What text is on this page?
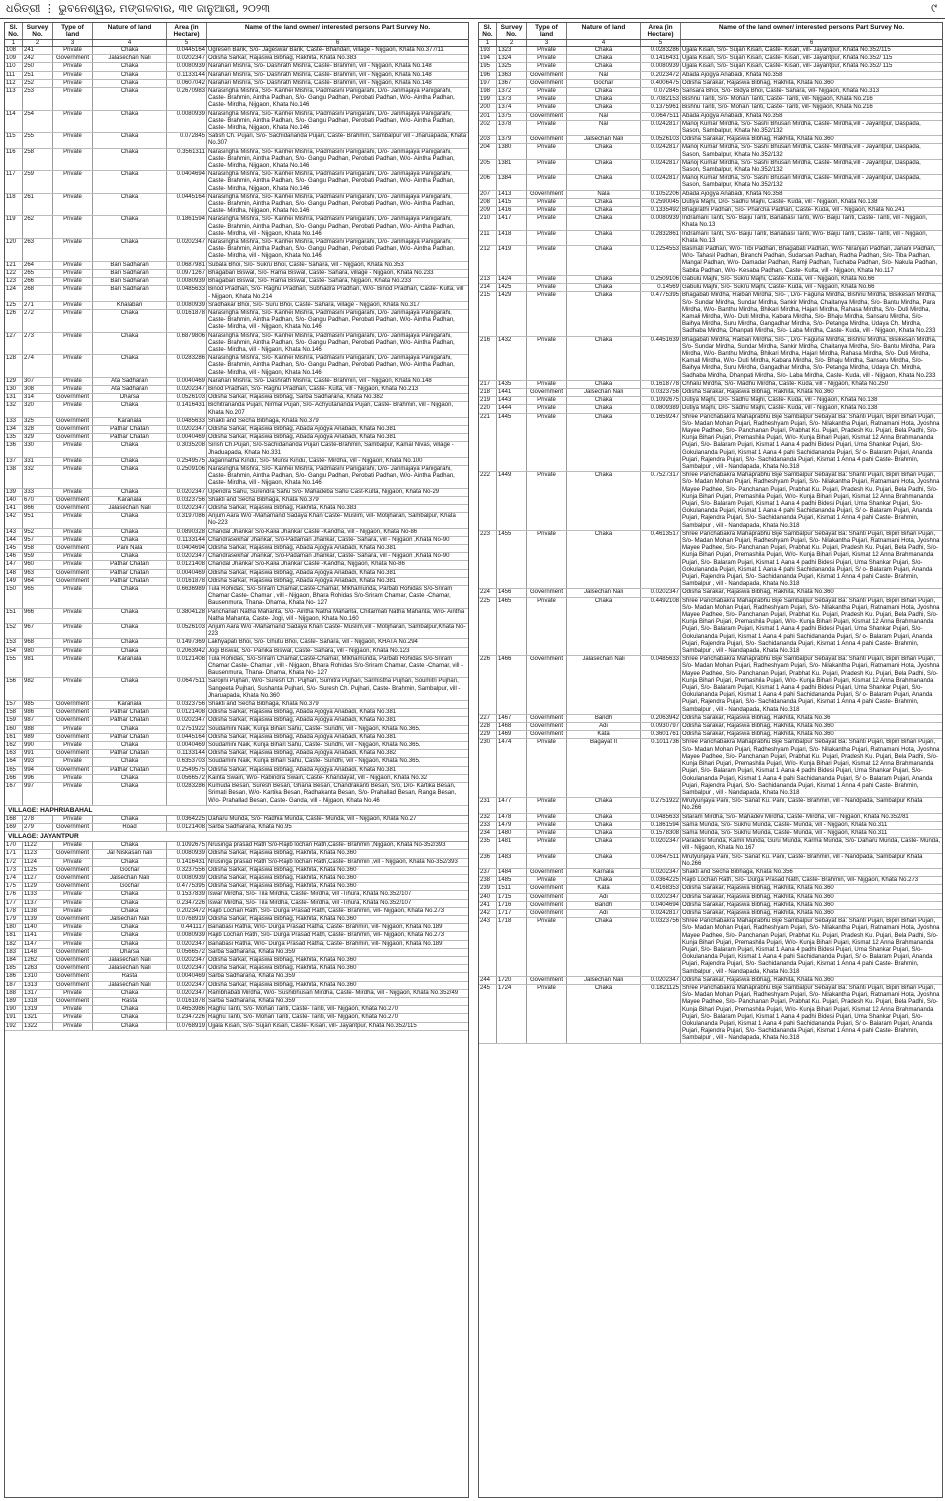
ଧରିତ୍ରୀ ⋮ ଭୁବନେଶ୍ୱର, ମଙ୍ଗଳବାର, ୩୧ ଜାନୁଆରୀ, ୨୦୨୩	୯
Sl. No.
Survey No.
Type of land
Nature of land	Area (in Hectare)
Name of the land owner/ interested persons Part Survey No.
1	2	3	4	5	6
108	241	Private	Chaka	0.0445164 Ugresen Barik, S/o- Jageswar Barik, Caste- Bhandari, village - Nijgaon, Khata No.377/11
109	242	Government	Jalasechan Nali	0.0202347 Odisha Sarkar, Rajaswa Bibhag, Rakhita, Khata No.383
110	250	Private	Chaka	0.0080939 Narahari Mishra, S/o- Dashrath Mishra, Caste- Brahmin, vill - Nijgaon, Khata No.148
111	251	Private	Chaka	0.1133144 Narahari Mishra, S/o- Dashrath Mishra, Caste- Brahmin, vill - Nijgaon, Khata No.148
112	252	Private	Chaka	0.0607042 Narahari Mishra, S/o- Dashrath Mishra, Caste- Brahmin, vill - Nijgaon, Khata No.148
113	253	Private	Chaka	0.2670983 Narasingha Mishra, S/o- Kanhei Mishra, Padmasini Panigarahi, D/o- Janmajaya Panigarahi, Caste- Brahmin, Aintha Padhan, S/o- Gangu Padhan, Perobati Padhan, W/o- Aintha Padhan, Caste- Mirdha, Nijgaon, Khata No.146
114	254	Private	Chaka	0.0080939 Narasingha Mishra, S/o- Kanhei Mishra, Padmasini Panigarahi, D/o- Janmajaya Panigarahi, Caste- Brahmin, Aintha Padhan, S/o- Gangu Padhan, Perobati Padhan, W/o- Aintha Padhan, Caste- Mirdha, Nijgaon, Khata No.146
115	255	Private	Chaka	0.072845 Satish Ch. Pujari, S/o- Sachidananda Pujari, Caste- Brahmin, Sambalpur vill - Jharuapada, Khata No.307
116	258	Private	Chaka	0.3561311 Narasingha Mishra, S/o- Kanhei Mishra, Padmasini Panigarahi, D/o- Janmajaya Panigarahi, Caste- Brahmin, Aintha Padhan, S/o- Gangu Padhan, Perobati Padhan, W/o- Aintha Padhan, Caste- Mirdha, Nijgaon, Khata No.146
117	259	Private	Chaka	0.0404694 Narasingha Mishra, S/o- Kanhei Mishra, Padmasini Panigarahi, D/o- Janmajaya Panigarahi, Caste- Brahmin, Aintha Padhan, S/o- Gangu Padhan, Perobati Padhan, W/o- Aintha Padhan, Caste- Mirdha, Nijgaon, Khata No.146
118	261	Private	Chaka	0.0445164 Narasingha Mishra, S/o- Kanhei Mishra, Padmasini Panigarahi, D/o- Janmajaya Panigarahi, Caste- Brahmin, Aintha Padhan, S/o- Gangu Padhan, Perobati Padhan, W/o- Aintha Padhan, Caste- Mirdha, Nijgaon, Khata No.146
119	262	Private	Chaka	0.1861594 Narasingha Mishra, S/o- Kanhei Mishra, Padmasini Panigarahi, D/o- Janmajaya Panigarahi, Caste- Brahmin, Aintha Padhan, S/o- Gangu Padhan, Perobati Padhan, W/o- Aintha Padhan, Caste- Mirdha, vill - Nijgaon, Khata No.146
120	263	Private	Chaka	0.0202347 Narasingha Mishra, S/o- Kanhei Mishra, Padmasini Panigarahi, D/o- Janmajaya Panigarahi, Caste- Brahmin, Aintha Padhan, S/o- Gangu Padhan, Perobati Padhan, W/o- Aintha Padhan, Caste- Mirdha, vill - Nijgaon, Khata No.146
121	264	Private	Bari Sadharan	0.0687981 Subala Bhoi, S/o- Sukru Bhoi, Caste- Sahara, vill - Nijgaon, Khata No.353
122	265	Private	Bari Sadharan	0.0971267 Bhagaban Biswal, S/o- Rama Biswal, Caste- Sahara, village - Nijgaon, Khata No.233
123	266	Private	Bari Sadharan	0.0080939 Bhagaban Biswal, S/o- Rama Biswal, Caste- Sahara, Nijgaon, Khata No.233
124	268	Private	Bari Sadharan	0.0485633 Binod Pradhan, S/o- Raghu Pradhan, Subhadra Pradhan, W/o- Binod Pradhan, Caste- Kulta, vill - Nijgaon, Khata No.214
125	271	Private	Khalabari	0.0080939 Sradhakar Bhoi, S/o- Suru Bhoi, Caste- Sahara, village - Nijgaon, Khata No.317
126	272	Private	Chaka	0.0161878 Narasingha Mishra, S/o- Kanhei Mishra, Padmasini Panigarahi, D/o- Janmajaya Panigarahi, Caste- Brahmin, Aintha Padhan, S/o- Gangu Padhan, Perobati Padhan, W/o- Aintha Padhan, Caste- Mirdha, vill - Nijgaon, Khata No.146
127	273	Private	Chaka	0.6879806 Narasingha Mishra, S/o- Kanhei Mishra, Padmasini Panigarahi, D/o- Janmajaya Panigarahi, Caste- Brahmin, Aintha Padhan, S/o- Gangu Padhan, Perobati Padhan, W/o- Aintha Padhan, Caste- Mirdha, vill - Nijgaon, Khata No.146
128	274	Private	Chaka	0.0283286 Narasingha Mishra, S/o- Kanhei Mishra, Padmasini Panigarahi, D/o- Janmajaya Panigarahi, Caste- Brahmin, Aintha Padhan, S/o- Gangu Padhan, Perobati Padhan, W/o- Aintha Padhan, Caste- Mirdha, vill - Nijgaon, Khata No.146
129	307	Private	Ata Sadharan	0.0040469 Narahari Mishra, S/o- Dashrath Mishra, Caste- Brahmin, vill - Nijgaon, Khata No.148
130	308	Private	Ata Sadharan	0.0202347 Binod Pradhan, S/o- Raghu Pradhan, Caste- Kulta, vill - Nijgaon, Khata No.213
131	314	Government	Dharsa	0.0526103 Odisha Sarkar, Rajaswa Bibhag, Sarba Sadharana, Khata No.382
132	320	Private	Chaka	0.1416431 Bichitrananda Pujari, Nirmal Pujari, S/o- Achyutananda Pujari, Caste- Brahmin, vill - Nijgaon, Khata No.207
133	325	Government	Karanala	0.0485633 Shakti and Secha Bibhaga, Khata No.379
134	328	Government	Pathar Chatan	0.0202347 Odisha Sarkar, Rajaswa Bibhag, Abada Ajogya Anabadi, Khata No.381
135	329	Government	Pathar Chatan	0.0040469 Odisha Sarkar, Rajaswa Bibhag, Abada Ajogya Anabadi, Khata No.381
136	330	Private	Chaka	0.3035208 Sirish Ch.Pujari, S/o-Sachidananda Pujari Caste-Brahmin, Sambalpur, Kamal Nivas, village - Jhaduapada, Khata No.331
137	331	Private	Chaka	0.2549575 Jagannatha Kindu, S/o- Munsi Kindu, Caste- Mirdha, vill - Nijgaon, Khata No.100
138	332	Private	Chaka	0.2509106 Narasingha Mishra, S/o- Kanhei Mishra, Padmasini Panigarahi, D/o- Janmajaya Panigarahi, Caste- Brahmin, Aintha Padhan, S/o- Gangu Padhan, Perobati Padhan, W/o- Aintha Padhan, Caste- Mirdha, vill - Nijgaon, Khata No.146
139	333	Private	Chaka	0.0202347 Upendra Sahu, Surendra Sahu S/o- Mahadeba Sahu Cast-Kulta, Nijgaon, Khata No-29
140	670	Government	Karanala	0.0323756 Shakti and Secha Bibhaga, Khata No.379
141	866	Government	Jalasechan Nali	0.0202347 Odisha Sarkar, Rajaswa Bibhag, Rakhita, Khata No.383
142	951	Private	Chaka	0.3197086 Anjum Aara W/o -Mahamand Sadaya Khan Caste- Muslim, vill- Motijharan, Sambalpur, Khata No-223
143	952	Private	Chaka	0.0890328 Chandal Jhankar S/o-Kalia Jhankar Caste -Kandha, vill - Nijgaon, Khata No-86
144	957	Private	Chaka	0.1133144 Chandrasekhar Jhankar, S/o-Padaman Jhankar, Caste- Sahara, vill - Nijgaon ,Khata No-90
145	958	Government	Pani Nala	0.0404694 Odisha Sarkar, Rajaswa Bibhag, Abada Ajogya Anabadi, Khata No.381
146	959	Private	Chaka	0.0202347 Chandrasekhar Jhankar, S/o-Padaman Jhankar, Caste- Sahara, vill - Nijgaon ,Khata No-90
147	960	Private	Pathar Chatan	0.0121408 Chandal Jhankar S/o-Kalia Jhankar Caste -Kandha, Nijgaon, Khata No-86
148	963	Government	Pathar Chatan	0.0040469 Odisha Sarkar, Rajaswa Bibhag, Abada Ajogya Anabadi, Khata No.381
149	964	Government	Pathar Chatan	0.0161878 Odisha Sarkar, Rajaswa Bibhag, Abada Ajogya Anabadi, Khata No.381
150	965	Private	Chaka	0.6636989 Tula Rohidas, S/o-Sriram Chamar,Caste-Chamar, Mlkhamunda, Parbati Rohidas S/o-Sriram Chamar Caste- Chamar , vill - Nijgaon, Bhara Rohidas S/o-Sriram Chamar, Caste -Chamar, Bausenmura, Thana- Dhama, Khata No- 127
151	966	Private	Chaka	0.3804128 Panchanan Natha Mahanta, S/o- Aintha Natha Mahanta, Chitarmati Natha Mahanta, W/o- Aintha Natha Mahanta, Caste- Jogi, vill - Nijgaon, Khata No.160
152	967	Private	Chaka	0.0526103 Anjum Aara W/o -Mahamand Sadaya Khan Caste- Muslim,vill - Motijharan, Sambalpur,Khata No-223
153	968	Private	Chaka	0.1497369 Lakhyapati Bhoi, S/o- Ghutu Bhoi, Caste- Sahara, vill - Nijgaon, KHATA No.294
154	980	Private	Chaka	0.2063942 Jogi Biswal, S/o- Panika Biswal, Caste- Sahara, vill - Nijgaon, Khata No.123
155	981	Private	Karanala	0.0121408 Tula Rohidas, S/o-Sriram Chamar,Caste-Chamar, Mlkhamunda, Parbati Rohidas S/o-Sriram Chamar Caste- Chamar , vill - Nijgaon, Bhara Rohidas S/o-Sriram Chamar, Caste -Chamar, vill - Bausenmura, Thana- Dhama, Khata No- 127
156	982	Private	Chaka	0.0647511 Sarojini Pujhari, W/o- Suresh Ch. Pujhari, Sumitra Pujhari, Sarmistha Pujhari, Soumitri Pujhari, Sangeeta Pujhari, Sushanta Pujhari, S/o- Suresh Ch. Pujhari, Caste- Brahmin, Sambalpur, vill -Jharuapada, Khata No.360
157	985	Government	Karanala	0.0323756 Shakti and Secha Bibhaga, Khata No.379
158	986	Government	Pathar Chatan	0.0121408 Odisha Sarkar, Rajaswa Bibhag, Abada Ajogya Anabadi, Khata No.381
159	987	Government	Pathar Chatan	0.0202347 Odisha Sarkar, Rajaswa Bibhag, Abada Ajogya Anabadi, Khata No.381
160	988	Private	Chaka	0.2751922 Soudamini Naik, Kunja Bihari Sahu, Caste- Sundhi, vill - Nijgaon, Khata No.365.
161	989	Government	Pathar Chatan	0.0445164 Odisha Sarkar, Rajaswa Bibhag, Abada Ajogya Anabadi, Khata No.381
162	990	Private	Chaka	0.0040469 Soudamini Naik, Kunja Bihari Sahu, Caste- Sundhi, vill - Nijgaon, Khata No.365.
163	991	Government	Pathar Chatan	0.1133144 Odisha Sarkar, Rajaswa Bibhag, Abada Ajogya Anabadi, Khata No.382
164	993	Private	Chaka	0.6353703 Soudamini Naik, Kunja Bihari Sahu, Caste- Sundhi, vill - Nijgaon, Khata No.365.
165	994	Government	Pathar Chatan	0.2549575 Odisha Sarkar, Rajaswa Bibhag, Abada Ajogya Anabadi, Khata No.381
166	996	Private	Chaka	0.0566572 Kainta Swain, W/o- Rabindra Swain, Caste- Khandayat, vill - Nijgaon, Khata No.32
167	997	Private	Chaka	0.0283286 Kumuda Besan, Suresh Besan, Ghana Besan, Chandrakanti Besan, S/o, D/o- Kartika Besan, Srimati Besan, W/o- Kartika Besan, Radhakanta Besan, S/o- Prahallad Besan, Ranga Besan, W/o- Prahallad Besan, Caste- Ganda, vill - Nijgaon, Khata No.46
VILLAGE: HAPHRIABAHAL
168	278	Private	Chaka	0.0364225 Daharu Munda, S/o- Radhia Munda, Caste- Munda, vill - Nijgaon, Khata No.27
169	279	Government	Road	0.0121408 Sarba Sadharana, Khata No.95
VILLAGE: JAYANTPUR
170	1122	Private	Chaka	0.1092675 Nrusinga prasad Rath S/o-Rajib lochan Rath,Caste- Brahmin ,Nijgaon, Khata No-352/393
171	1123	Government	Jal Niskasan nali	0.0080939 Odisha Sarkar, Rajaswa Bibhag, Rakhita, Khata No.360
172	1124	Private	Chaka	0.1416431 Nrusinga prasad Rath S/o-Rajib lochan Rath,Caste- Brahmin ,vill - Nijgaon, Khata No-352/393
173	1125	Government	Gochar	0.3237556 Odisha Sarkar, Rajaswa Bibhag, Rakhita, Khata No.360
174	1127	Government	Jalsechan Nali	0.0080939 Odisha Sarkar, Rajaswa Bibhag, Rakhita, Khata No.360
175	1129	Government	Gochar	0.4775395 Odisha Sarkar, Rajaswa Bibhag, Rakhita, Khata No.360
176	1133	Private	Chaka	0.1537839 Iswar Mirdha, S/o- Tila Mirdha, Caste- Mirdha, vill -Tihura, Khata No.352/107
177	1137	Private	Chaka	0.2347226 Iswar Mirdha, S/o- Tila Mirdha, Caste- Mirdha, vill -Tihura, Khata No.352/107
178	1138	Private	Chaka	0.2023472 Rajib Lochan Rath, S/o- Durga Prasad Rath, Caste- Brahmin, vill- Nijgaon, Khata No.273
179	1139	Government	Jalsechan Nali	0.0768919 Odisha Sarkar, Rajaswa Bibhag, Rakhita, Khata No.360
180	1140	Private	Chaka	0.441117 Banabasi Ratha, W/o- Durga Prasad Ratha, Caste- Brahmin, vill- Nijgaon, Khata No.189
181	1141	Private	Chaka	0.0080939 Rajib Lochan Rath, S/o- Durga Prasad Rath, Caste- Brahmin, vill- Nijgaon, Khata No.273
182	1147	Private	Chaka	0.0202347 Banabasi Ratha, W/o- Durga Prasad Ratha, Caste- Brahmin, vill- Nijgaon, Khata No.189
183	1148	Government	Dharsa	0.0566572 Sarba Sadharana, Khata No.359
184	1262	Government	Jalasechan Nali	0.0202347 Odisha Sarkar, Rajaswa Bibhag, Rakhita, Khata No.360
185	1263	Government	Jalasechan Nali	0.0202347 Odisha Sarkar, Rajaswa Bibhag, Rakhita, Khata No.360
186	1310	Government	Rasta	0.0040469 Sarba Sadharana, Khata No.359
187	1313	Government	Jalasechan Nali	0.0202347 Odisha Sarkar, Rajaswa Bibhag, Rakhita, Khata No.360
188	1317	Private	Chaka	0.0202347 Rambhabati Mirdha, W/o- Sushibhusan Mirdha, Caste- Mirdha, vill - Nijgaon, Khata No.352/49
189	1318	Government	Rasta	0.0161878 Sarba Sadharana, Khata No.359
190	1319	Private	Chaka	0.4653986 Raghu Tanti, S/o- Mohan Tanti, Caste- Tanti, vill- Nijgaon, Khata No.270
191	1321	Private	Chaka	0.2347226 Raghu Tanti, S/o- Mohan Tanti, Caste- Tanti, vill- Nijgaon, Khata No.270
192	1322	Private	Chaka	0.0768919 Ujjala Kisan, S/o- Sujan Kisan, Caste- Kisan, vill- Jayantpur, Khata No.352/115
Sl. No.
Survey No.
Type of land
Nature of land	Area (in Hectare)
Name of the land owner/ interested persons Part Survey No.
1	2	3	4	5	6
193	1323	Private	Chaka	0.0283286 Ujjala Kisan, S/o- Sujan Kisan, Caste- Kisan, vill- Jayantpur, Khata No.352/115
194	1324	Private	Chaka	0.1416431 Ujjala Kisan, S/o- Sujan Kisan, Caste- Kisan, vill- Jayantpur, Khata No.352/ 115
195	1325	Private	Chaka	0.0080939 Ujjala Kisan, S/o- Sujan Kisan, Caste- Kisan, vill- Jayantpur, Khata No.352/ 115
196	1363	Government	Nal	0.2023472 Abada Ajogya Anabadi, Khata No.358
197	1367	Government	Gochar	0.4006475 Odisha Sarakar, Rajaswa Bibhag, Rakhita, Khata No.360
198	1372	Private	Chaka	0.072845 Sansara Bhoi, S/o- Bidya Bhoi, Caste- Sahara, vill- Nijgaon, Khata No.313
199	1373	Private	Chaka	0.7082153 Bishnu Tanti, S/o- Mohan Tanti, Caste- Tanti, vill- Nijgaon, Khata No.216
200	1374	Private	Chaka	0.1375961 Bishnu Tanti, S/o- Mohan Tanti, Caste- Tanti, vill- Nijgaon, Khata No.216
201	1375	Government	Nal	0.0647511 Abada Ajogya Anabadi, Khata No.358
202	1378	Private	Nal	0.0242817 Manoj Kumar Mirdha, S/o- Sashi Bhusan Mirdha, Caste- Mirdha,vill - Jayantpur, Daspada, Sason, Sambalpur, Khata No.352/132
203	1379	Government	Jalsechan Nali	0.0526103 Odisha Sarakar, Rajaswa Bibhag, Rakhita, Khata No.360
204	1380	Private	Chaka	0.0242817 Manoj Kumar Mirdha, S/o- Sashi Bhusan Mirdha, Caste- Mirdha,vill - Jayantpur, Daspada, Sason, Sambalpur, Khata No.352/132
205	1381	Private	Chaka	0.0242817 Manoj Kumar Mirdha, S/o- Sashi Bhusan Mirdha, Caste- Mirdha,vill - Jayantpur, Daspada, Sason, Sambalpur, Khata No.352/132
206	1384	Private	Chaka	0.0242817 Manoj Kumar Mirdha, S/o- Sashi Bhusan Mirdha, Caste- Mirdha,vill - Jayantpur, Daspada, Sason, Sambalpur, Khata No.352/132
207	1413	Government	Nala	0.1052206 Abada Ajogya Anabadi, Khata No.358
208	1415	Private	Chaka	0.2590045 Dutiya Majhi, D/o- Sadhu Majhi, Caste- Kuda, vill - Nijgaon, Khata No.138
209	1416	Private	Chaka	0.1335492 Bhagirathi Padhan, S/o- Pharcha Padhan, Caste- Kuda, vill - Nijgaon, Khata No.241
210	1417	Private	Chaka	0.0080939 Indramani Tanti, S/o- Baiju Tanti, Banabasi Tanti, W/o- Baiju Tanti, Caste- Tanti, vill - Nijgaon, Khata No.13
211	1418	Private	Chaka	0.2832861 Indramani Tanti, S/o- Baiju Tanti, Banabasi Tanti, W/o- Baiju Tanti, Caste- Tanti, vill - Nijgaon, Khata No.13
212	1419	Private	Chaka	0.1254553 Basmati Padhan, W/o- Tibi Padhan, Bhagabati Padhan, W/o- Niranjan Padhan, Janani Padhan, W/o- Tahasil Padhan, Biranchi Padhan, Sudarsan Padhan, Radha Padhan, S/o- Tiba Padhan, Mangal Padhan, W/o- Damadar Padhan, Ramji Padhan, Tuchaba Padhan, S/o- Nakula Padhan, Sabita Padhan, W/o- Kesaba Padhan, Caste- Kulta, vill - Nijgaon, Khata No.117
213	1424	Private	Chaka	0.2509106 Gabulu Majhi, S/o- Sukru Majhi, Caste- Kuda, vill - Nijgaon, Khata No.66
214	1425	Private	Chaka	0.14569 Gabulu Majhi, S/o- Sukru Majhi, Caste- Kuda, vill - Nijgaon, Khata No.66
215	1429	Private	Chaka	0.4775395 Bhagabati Mirdha, Raibari Mirdha, S/o- , D/o- Faguna Mirdha, Bishnu Mirdha, Bisikesan Mirdha, S/o- Sundar Mirdha, Sundar Mirdha, Sankir Mirdha, Chaitanya Mirdha, S/o- Bantu Mirdha, Para Mirdha, W/o- Banthu Mirdha, Bhikari Mirdha, Hajari Mirdha, Rahasa Mirdha, S/o- Duti Mirdha, Kamali Mirdha, W/o- Duti Mirdha, Kabara Mirdha, S/o- Bhaju Mirdha, Sansaru Mirdha, S/o- Baihya Mirdha, Suru Mirdha, Gangadhar Mirdha, S/o- Petanga Mirdha, Udaya Ch. Mirdha, Sadhaba Mirdha, Dhanpati Mirdha, S/o- Laba Mirdha, Caste- Kuda, vill - Nijgaon, Khata No.233
216	1432	Private	Chaka	0.4451639 Bhagabati Mirdha, Raibari Mirdha, S/o- , D/o- Faguna Mirdha, Bishnu Mirdha, Bisikesan Mirdha, S/o- Sundar Mirdha, Sundar Mirdha, Sankir Mirdha, Chaitanya Mirdha, S/o- Bantu Mirdha, Para Mirdha, W/o- Banthu Mirdha, Bhikari Mirdha, Hajari Mirdha, Rahasa Mirdha, S/o- Duti Mirdha, Kamali Mirdha, W/o- Duti Mirdha, Kabara Mirdha, S/o- Bhaju Mirdha, Sansaru Mirdha, S/o- Baihya Mirdha, Suru Mirdha, Gangadhar Mirdha, S/o- Petanga Mirdha, Udaya Ch. Mirdha, Sadhaba Mirdha, Dhanpati Mirdha, S/o- Laba Mirdha, Caste- Kuda, vill - Nijgaon, Khata No.233
217	1435	Private	Chaka	0.1618778 Chhalu Mirdha, S/o- Madhu Mirdha, Caste- Kuda, vill - Nijgaon, Khata No.250
218	1441	Government	Jalsechan Nali	0.0323756 Odisha Sarakar, Rajaswa Bibhag, Rakhita, Khata No.360
219	1443	Private	Chaka	0.1092675 Dutiya Majhi, D/o- Sadhu Majhi, Caste- Kuda, vill - Nijgaon, Khata No.138
220	1444	Private	Chaka	0.0809389 Dutiya Majhi, D/o- Sadhu Majhi, Caste- Kuda, vill - Nijgaon, Khata No.138
221	1445	Private	Chaka	0.1659247 Shree Panchabakra Mahaprabhu Bije Sambalpur Sebayat Ba: Shanti Pujari, Bipin Bihari Pujari, S/o- Madan Mohan Pujari, Radheshyam Pujari, S/o- Nilakantha Pujari, Ratnamani Hota, Jyoshna Mayee Padhee, S/o- Panchanan Pujari, Prabhat Ku. Pujari, Pradesh Ku. Pujari, Bela Padhi, S/o- Kunja Bihari Pujari, Premashila Pujari, W/o- Kunja Bihari Pujari, Kismat 12 Anna Brahmananda Pujari, S/o- Balaram Pujari, Kismat 1 Aana 4 padhi Bidesi Pujari, Uma Shankar Pujari, S/o- Gokulananda Pujari, Kismat 1 Aana 4 pahi Sachidananda Pujari, S/ o- Balaram Pujari, Ananda Pujari, Rajendra Pujari, S/o- Sachidananda Pujari, Kismat 1 Anna 4 pahi Caste- Brahmin, Sambalpur , vill - Nandapada, Khata No.318
222	1449	Private	Chaka	0.7527317 Shree Panchabakra Mahaprabhu Bije Sambalpur Sebayat Ba: Shanti Pujari, Bipin Bihari Pujari, S/o- Madan Mohan Pujari, Radheshyam Pujari, S/o- Nilakantha Pujari, Ratnamani Hota, Jyoshna Mayee Padhee, S/o- Panchanan Pujari, Prabhat Ku. Pujari, Pradesh Ku. Pujari, Bela Padhi, S/o- Kunja Bihari Pujari, Premashila Pujari, W/o- Kunja Bihari Pujari, Kismat 12 Anna Brahmananda Pujari, S/o- Balaram Pujari, Kismat 1 Aana 4 padhi Bidesi Pujari, Uma Shankar Pujari, S/o- Gokulananda Pujari, Kismat 1 Aana 4 pahi Sachidananda Pujari, S/ o- Balaram Pujari, Ananda Pujari, Rajendra Pujari, S/o- Sachidananda Pujari, Kismat 1 Anna 4 pahi Caste- Brahmin, Sambalpur , vill - Nandapada, Khata No.318
223	1455	Private	Chaka	0.4613517 Shree Panchabakra Mahaprabhu Bije Sambalpur Sebayat Ba: Shanti Pujari, Bipin Bihari Pujari, S/o- Madan Mohan Pujari, Radheshyam Pujari, S/o- Nilakantha Pujari, Ratnamani Hota, Jyoshna Mayee Padhee, S/o- Panchanan Pujari, Prabhat Ku. Pujari, Pradesh Ku. Pujari, Bela Padhi, S/o- Kunja Bihari Pujari, Premashila Pujari, W/o- Kunja Bihari Pujari, Kismat 12 Anna Brahmananda Pujari, S/o- Balaram Pujari, Kismat 1 Aana 4 padhi Bidesi Pujari, Uma Shankar Pujari, S/o- Gokulananda Pujari, Kismat 1 Aana 4 pahi Sachidananda Pujari, S/ o- Balaram Pujari, Ananda Pujari, Rajendra Pujari, S/o- Sachidananda Pujari, Kismat 1 Anna 4 pahi Caste- Brahmin, Sambalpur , vill - Nandapada, Khata No.318
224	1456	Government	Jalsechan Nali	0.0202347 Odisha Sarakar, Rajaswa Bibhag, Rakhita, Khata No.360
225	1465	Private	Chaka	0.4492108 Shree Panchabakra Mahaprabhu Bije Sambalpur Sebayat Ba: Shanti Pujari, Bipin Bihari Pujari, S/o- Madan Mohan Pujari, Radheshyam Pujari, S/o- Nilakantha Pujari, Ratnamani Hota, Jyoshna Mayee Padhee, S/o- Panchanan Pujari, Prabhat Ku. Pujari, Pradesh Ku. Pujari, Bela Padhi, S/o- Kunja Bihari Pujari, Premashila Pujari, W/o- Kunja Bihari Pujari, Kismat 12 Anna Brahmananda Pujari, S/o- Balaram Pujari, Kismat 1 Aana 4 padhi Bidesi Pujari, Uma Shankar Pujari, S/o- Gokulananda Pujari, Kismat 1 Aana 4 pahi Sachidananda Pujari, S/ o- Balaram Pujari, Ananda Pujari, Rajendra Pujari, S/o- Sachidananda Pujari, Kismat 1 Anna 4 pahi Caste- Brahmin, Sambalpur , vill - Nandapada, Khata No.318
226	1466	Government	Jalasechan Nali	0.0485633 Shree Panchabakra Mahaprabhu Bije Sambalpur Sebayat Ba: Shanti Pujari, Bipin Bihari Pujari, S/o- Madan Mohan Pujari, Radheshyam Pujari, S/o- Nilakantha Pujari, Ratnamani Hota, Jyoshna Mayee Padhee, S/o- Panchanan Pujari, Prabhat Ku. Pujari, Pradesh Ku. Pujari, Bela Padhi, S/o- Kunja Bihari Pujari, Premashila Pujari, W/o- Kunja Bihari Pujari, Kismat 12 Anna Brahmananda Pujari, S/o- Balaram Pujari, Kismat 1 Aana 4 padhi Bidesi Pujari, Uma Shankar Pujari, S/o- Gokulananda Pujari, Kismat 1 Aana 4 pahi Sachidananda Pujari, S/ o- Balaram Pujari, Ananda Pujari, Rajendra Pujari, S/o- Sachidananda Pujari, Kismat 1 Anna 4 pahi Caste- Brahmin, Sambalpur , vill - Nandapada, Khata No.318
227	1467	Government	Bandh	0.2063942 Odisha Sarakar, Rajaswa Bibhag, Rakhita, Khata No.36
228	1468	Government	Adi	0.0930797 Odisha Sarakar, Rajaswa Bibhag, Rakhita, Khata No.360
229	1469	Government	Kata	0.3601761 Odisha Sarakar, Rajaswa Bibhag, Rakhita, Khata No.360
230	1474	Private	Bagayat II	0.1011736 Shree Panchabakra Mahaprabhu Bije Sambalpur Sebayat Ba: Shanti Pujari, Bipin Bihari Pujari, S/o- Madan Mohan Pujari, Radheshyam Pujari, S/o- Nilakantha Pujari, Ratnamani Hota, Jyoshna Mayee Padhee, S/o- Panchanan Pujari, Prabhat Ku. Pujari, Pradesh Ku. Pujari, Bela Padhi, S/o- Kunja Bihari Pujari, Premashila Pujari, W/o- Kunja Bihari Pujari, Kismat 12 Anna Brahmananda Pujari, S/o- Balaram Pujari, Kismat 1 Aana 4 padhi Bidesi Pujari, Uma Shankar Pujari, S/o- Gokulananda Pujari, Kismat 1 Aana 4 pahi Sachidananda Pujari, S/ o- Balaram Pujari, Ananda Pujari, Rajendra Pujari, S/o- Sachidananda Pujari, Kismat 1 Anna 4 pahi Caste- Brahmin, Sambalpur , vill - Nandapada, Khata No.318
231	1477	Private	Chaka	0.2751922 Mrutyunjaya Pani, S/o- Sanat Ku. Pani, Caste- Brahmin, vill - Nandpada, Sambalpur Khata No.266
232	1478	Private	Chaka	0.0485633 Sitaram Mirdha, S/o- Mahadev Mirdha, Caste- Mirdha, vill - Nijgaon, Khata No.352/81
233	1479	Private	Chaka	0.1861594 Sama Munda, S/o- Sukhu Munda, Caste- Munda, vill - Nijgaon, Khata No.311
234	1480	Private	Chaka	0.1578308 Sama Munda, S/o- Sukhu Munda, Caste- Munda, vill - Nijgaon, Khata No.311
235	1481	Private	Chaka	0.0202347 Paradesi Munda, Kamli Munda, Guru Munda, Karma Munda, S/o- Daharu Munda, Caste- Munda, vill - Nijgaon, Khata No.167
236	1483	Private	Chaka	0.0647511 Mrutyunjaya Pani, S/o- Sanat Ku. Pani, Caste- Brahmin, vill - Nandpada, Sambalpur Khata No.266
237	1484	Government	Karnala	0.0202347 Shakti and Secha Bibhaga, Khata No.356
238	1485	Private	Chaka	0.0364225 Rajib Lochan Rath, S/o- Durga Prasad Nath, Caste- Brahmin, vill- Nijgaon, Khata No.273
239	1511	Government	Kata	0.4168353 Odisha Sarakar, Rajaswa Bibhag, Rakhita, Khata No.360
240	1715	Government	Adi	0.0202347 Odisha Sarakar, Rajaswa Bibhag, Rakhita, Khata No.360
241	1716	Government	Bandh	0.0404694 Odisha Sarakar, Rajaswa Bibhag, Rakhita, Khata No.360
242	1717	Government	Adi	0.0242817 Odisha Sarakar, Rajaswa Bibhag, Rakhita, Khata No.360
243	1718	Private	Chaka	0.0323756 Shree Panchabakra Mahaprabhu Bije Sambalpur Sebayat Ba: Shanti Pujari, Bipin Bihari Pujari, S/o- Madan Mohan Pujari, Radheshyam Pujari, S/o- Nilakantha Pujari, Ratnamani Hota, Jyoshna Mayee Padhee, S/o- Panchanan Pujari, Prabhat Ku. Pujari, Pradesh Ku. Pujari, Bela Padhi, S/o- Kunja Bihari Pujari, Premashila Pujari, W/o- Kunja Bihari Pujari, Kismat 12 Anna Brahmananda Pujari, S/o- Balaram Pujari, Kismat 1 Aana 4 padhi Bidesi Pujari, Uma Shankar Pujari, S/o- Gokulananda Pujari, Kismat 1 Aana 4 pahi Sachidananda Pujari, S/ o- Balaram Pujari, Ananda Pujari, Rajendra Pujari, S/o- Sachidananda Pujari, Kismat 1 Anna 4 pahi Caste- Brahmin, Sambalpur , vill - Nandapada, Khata No.318
244	1720	Government	Jalsechan Nali	0.0202347 Odisha Sarakar, Rajaswa Bibhag, Rakhita, Khata No.360
245	1724	Private	Chaka	0.1821125 Shree Panchabakra Mahaprabhu Bije Sambalpur Sebayat Ba: Shanti Pujari, Bipin Bihari Pujari, S/o- Madan Mohan Pujari, Radheshyam Pujari, S/o- Nilakantha Pujari, Ratnamani Hota, Jyoshna Mayee Padhee, S/o- Panchanan Pujari, Prabhat Ku. Pujari, Pradesh Ku. Pujari, Bela Padhi, S/o- Kunja Bihari Pujari, Premashila Pujari, W/o- Kunja Bihari Pujari, Kismat 12 Anna Brahmananda Pujari, S/o- Balaram Pujari, Kismat 1 Aana 4 padhi Bidesi Pujari, Uma Shankar Pujari, S/o- Gokulananda Pujari, Kismat 1 Aana 4 pahi Sachidananda Pujari, S/ o- Balaram Pujari, Ananda Pujari, Rajendra Pujari, S/o- Sachidananda Pujari, Kismat 1 Anna 4 pahi Caste- Brahmin, Sambalpur , vill - Nandapada, Khata No.318
